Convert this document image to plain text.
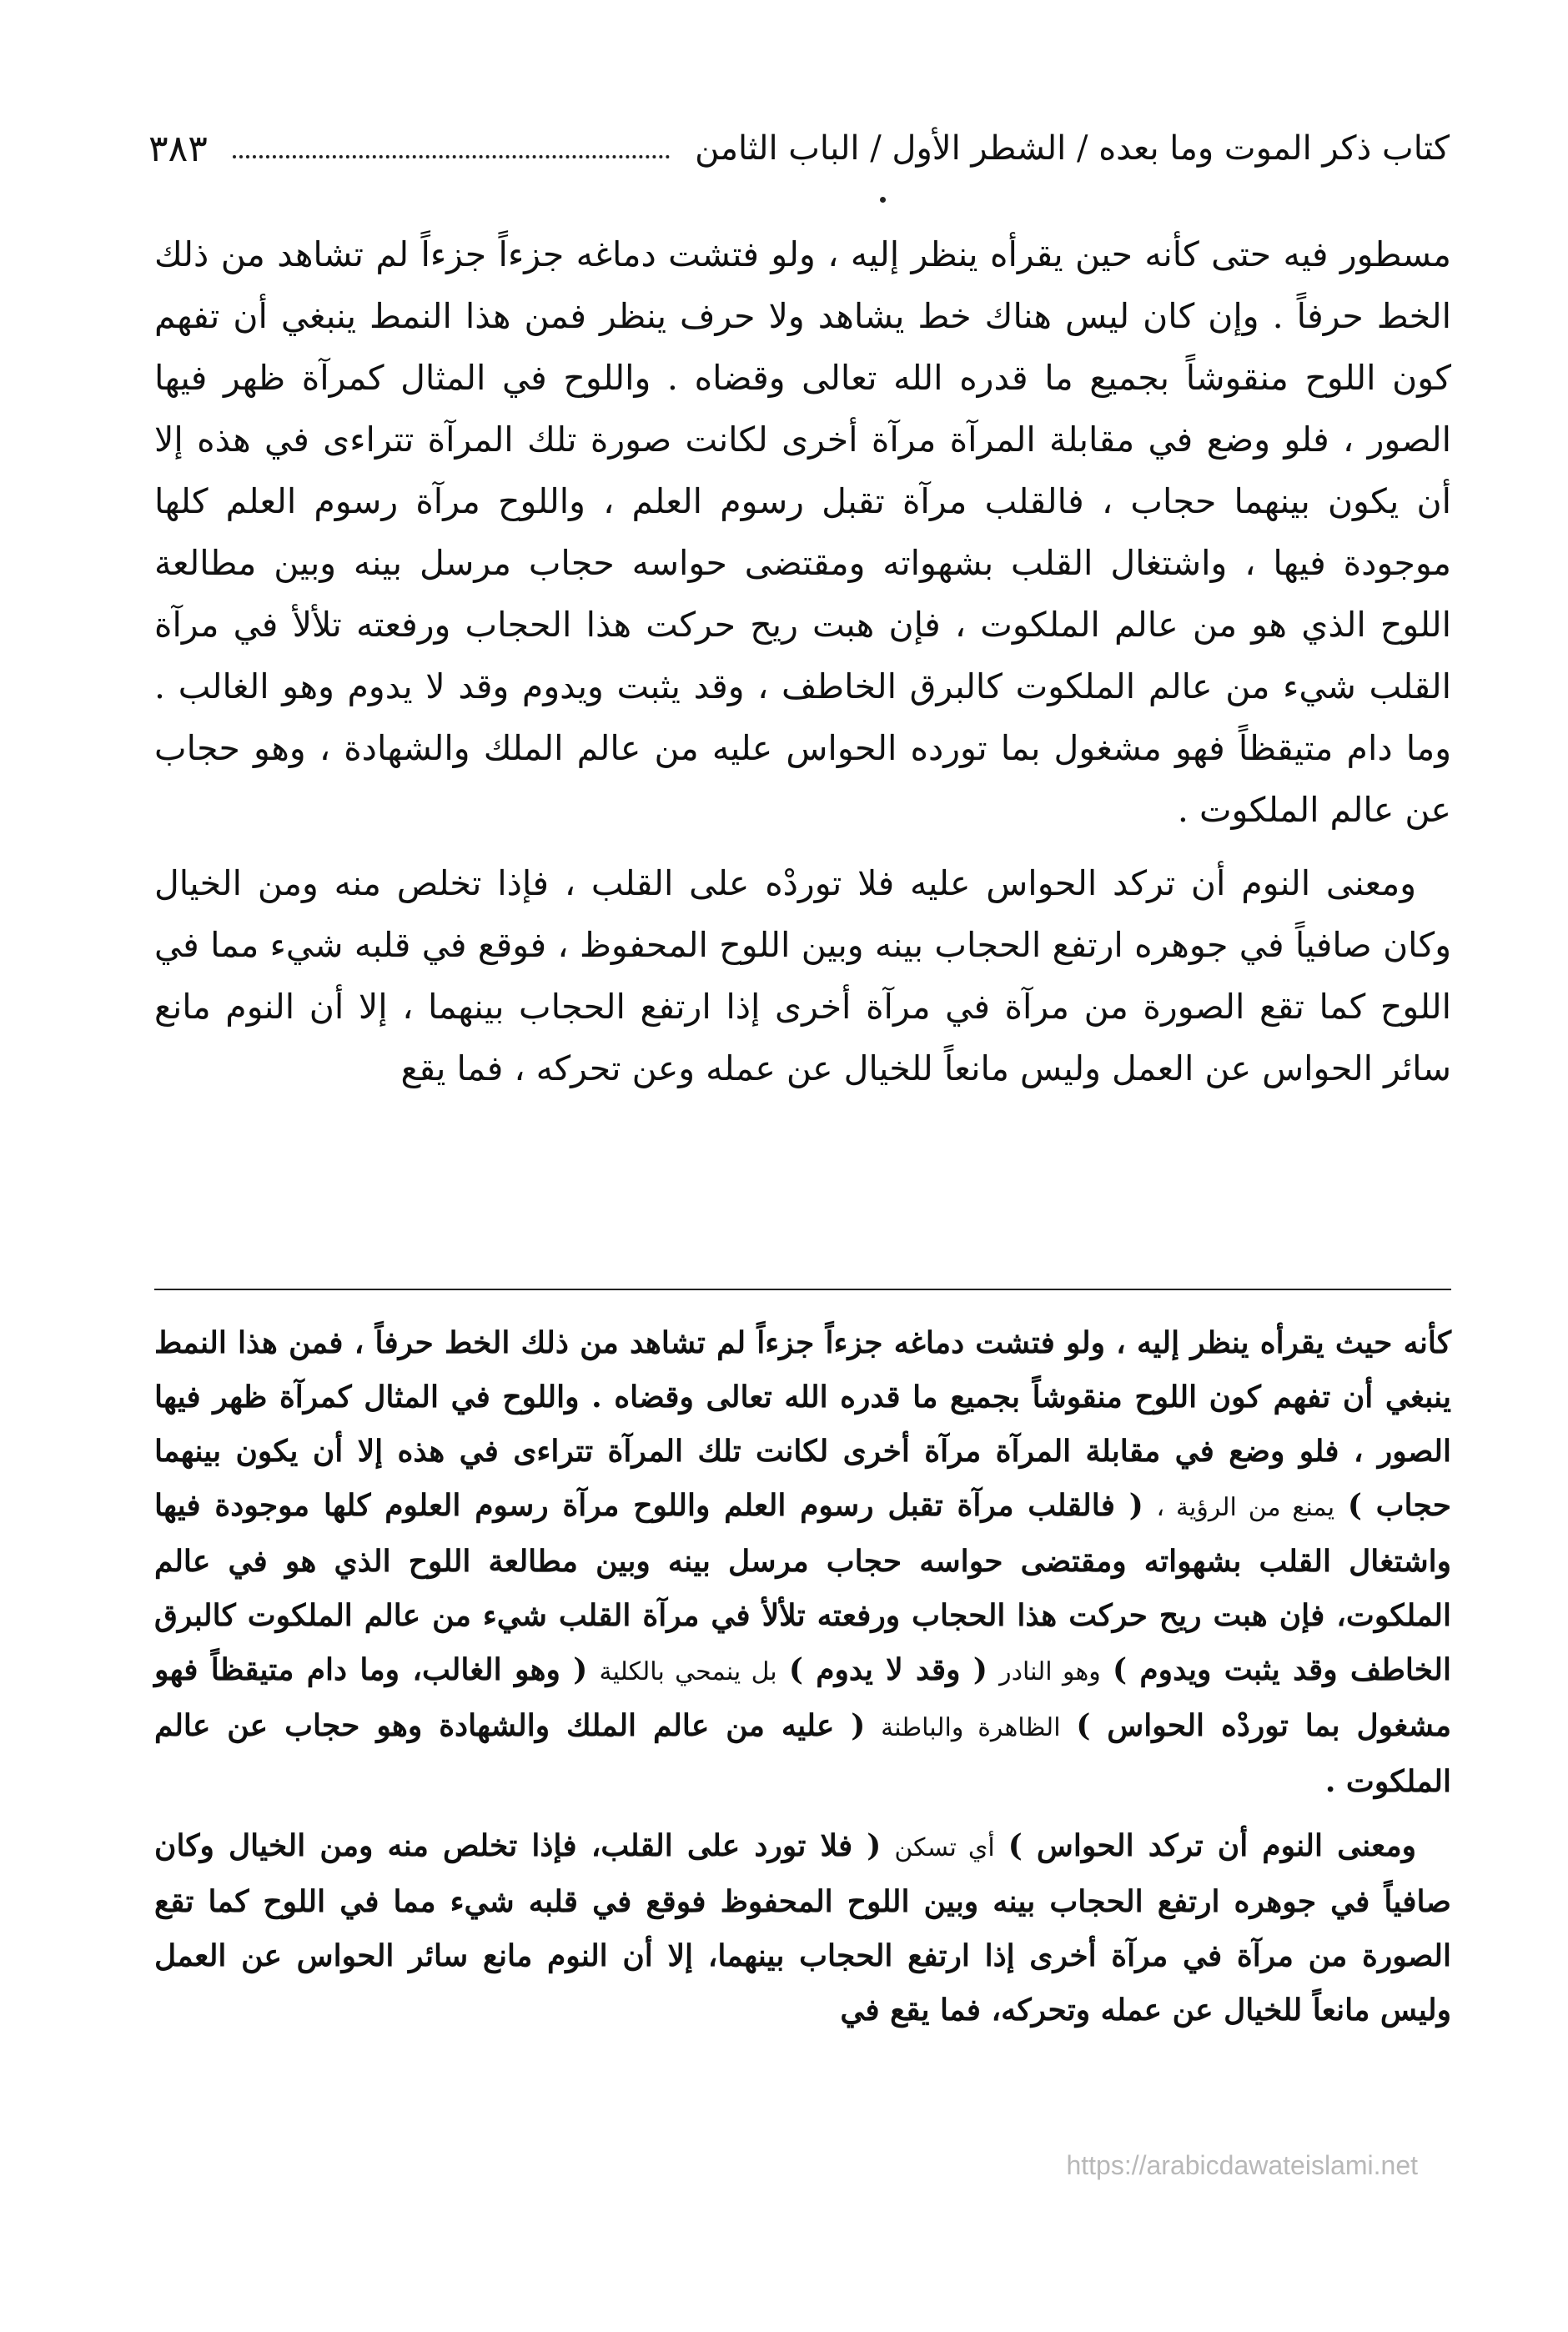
كتاب ذكر الموت وما بعده / الشطر الأول / الباب الثامن
٣٨٣

مسطور فيه حتى كأنه حين يقرأه ينظر إليه ، ولو فتشت دماغه جزءاً جزءاً لم تشاهد من ذلك الخط حرفاً . وإن كان ليس هناك خط يشاهد ولا حرف ينظر فمن هذا النمط ينبغي أن تفهم كون اللوح منقوشاً بجميع ما قدره الله تعالى وقضاه . واللوح في المثال كمرآة ظهر فيها الصور ، فلو وضع في مقابلة المرآة مرآة أخرى لكانت صورة تلك المرآة تتراءى في هذه إلا أن يكون بينهما حجاب ، فالقلب مرآة تقبل رسوم العلم ، واللوح مرآة رسوم العلم كلها موجودة فيها ، واشتغال القلب بشهواته ومقتضى حواسه حجاب مرسل بينه وبين مطالعة اللوح الذي هو من عالم الملكوت ، فإن هبت ريح حركت هذا الحجاب ورفعته تلألأ في مرآة القلب شيء من عالم الملكوت كالبرق الخاطف ، وقد يثبت ويدوم وقد لا يدوم وهو الغالب . وما دام متيقظاً فهو مشغول بما تورده الحواس عليه من عالم الملك والشهادة ، وهو حجاب عن عالم الملكوت .

ومعنى النوم أن تركد الحواس عليه فلا توردْه على القلب ، فإذا تخلص منه ومن الخيال وكان صافياً في جوهره ارتفع الحجاب بينه وبين اللوح المحفوظ ، فوقع في قلبه شيء مما في اللوح كما تقع الصورة من مرآة في مرآة أخرى إذا ارتفع الحجاب بينهما ، إلا أن النوم مانع سائر الحواس عن العمل وليس مانعاً للخيال عن عمله وعن تحركه ، فما يقع

كأنه حيث يقرأه ينظر إليه ، ولو فتشت دماغه جزءاً جزءاً لم تشاهد من ذلك الخط حرفاً ، فمن هذا النمط ينبغي أن تفهم كون اللوح منقوشاً بجميع ما قدره الله تعالى وقضاه . واللوح في المثال كمرآة ظهر فيها الصور ، فلو وضع في مقابلة المرآة مرآة أخرى لكانت تلك المرآة تتراءى في هذه إلا أن يكون بينهما حجاب ) يمنع من الرؤية ، ( فالقلب مرآة تقبل رسوم العلم واللوح مرآة رسوم العلوم كلها موجودة فيها واشتغال القلب بشهواته ومقتضى حواسه حجاب مرسل بينه وبين مطالعة اللوح الذي هو في عالم الملكوت، فإن هبت ريح حركت هذا الحجاب ورفعته تلألأ في مرآة القلب شيء من عالم الملكوت كالبرق الخاطف وقد يثبت ويدوم ) وهو النادر ( وقد لا يدوم ) بل ينمحي بالكلية ( وهو الغالب، وما دام متيقظاً فهو مشغول بما توردْه الحواس ) الظاهرة والباطنة ( عليه من عالم الملك والشهادة وهو حجاب عن عالم الملكوت .

ومعنى النوم أن تركد الحواس ) أي تسكن ( فلا تورد على القلب، فإذا تخلص منه ومن الخيال وكان صافياً في جوهره ارتفع الحجاب بينه وبين اللوح المحفوظ فوقع في قلبه شيء مما في اللوح كما تقع الصورة من مرآة في مرآة أخرى إذا ارتفع الحجاب بينهما، إلا أن النوم مانع سائر الحواس عن العمل وليس مانعاً للخيال عن عمله وتحركه، فما يقع في

https://arabicdawateislami.net
